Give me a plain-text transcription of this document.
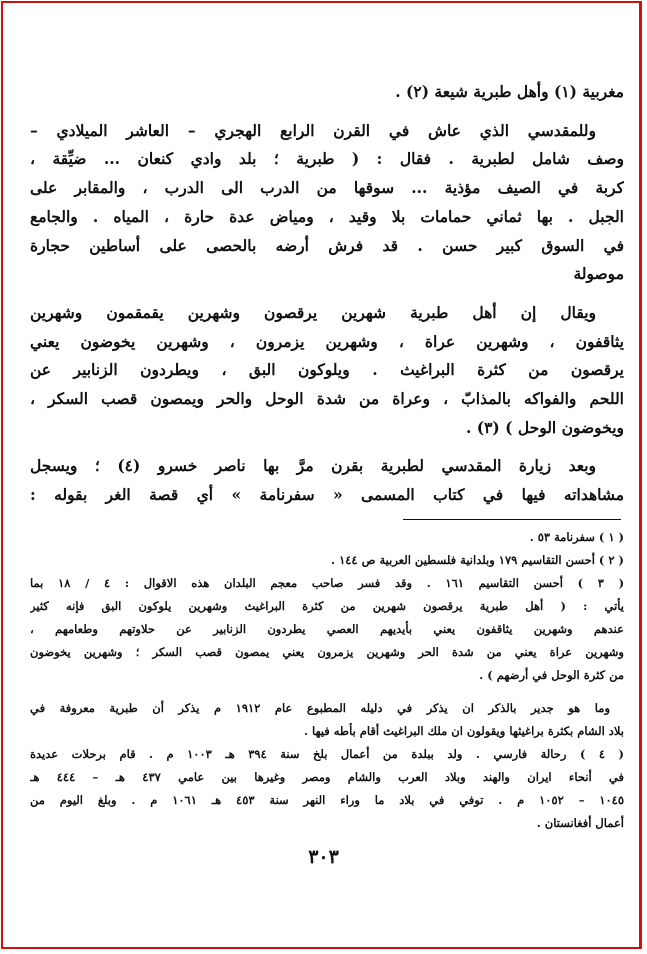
مغربية (١) وأهل طبرية شيعة (٢) .

وللمقدسي الذي عاش في القرن الرابع الهجري – العاشر الميلادي –
وصف شامل لطبرية . فقال : ( طبرية ؛ بلد وادي كنعان ... ضيِّقة ،
كربة في الصيف مؤذية ... سوقها من الدرب الى الدرب ، والمقابر على
الجبل . بها ثماني حمامات بلا وقيد ، ومياض عدة حارة ، المياه . والجامع
في السوق كبير حسن . قد فرش أرضه بالحصى على أساطين حجارة
موصولة

ويقال إن أهل طبرية شهرين يرقصون وشهرين يقمقمون وشهرين
يثاقفون ، وشهرين عراة ، وشهرين يزمرون ، وشهرين يخوضون يعني
يرقصون من كثرة البراغيث . ويلوكون البق ، ويطردون الزنابير عن
اللحم والفواكه بالمذابّ ، وعراة من شدة الوحل والحر ويمصون قصب السكر ،
ويخوضون الوحل ) (٣) .

وبعد زيارة المقدسي لطبرية بقرن مرَّ بها ناصر خسرو (٤) ؛ ويسجل
مشاهداته فيها في كتاب المسمى « سفرنامة » أي قصة الغر بقوله :

( ١ ) سفرنامة ٥٣ .
( ٢ ) أحسن التقاسيم ١٧٩ وبلدانية فلسطين العربية ص ١٤٤ .
( ٣ ) أحسن التقاسيم ١٦١ . وقد فسر صاحب معجم البلدان هذه الاقوال : ٤ / ١٨ بما
يأتي : ( أهل طبرية يرقصون شهرين من كثرة البراغيث وشهرين يلوكون البق فإنه كثير
عندهم وشهرين يثاقفون يعني بأيديهم العصي يطردون الزنابير عن حلاوتهم وطعامهم ،
وشهرين عراة يعني من شدة الحر وشهرين يزمرون يعني يمصون قصب السكر ؛ وشهرين يخوضون
من كثرة الوحل في أرضهم ) .
وما هو جدير بالذكر ان يذكر في دليله المطبوع عام ١٩١٢ م يذكر أن طبرية معروفة في
بلاد الشام بكثرة براغيثها ويقولون ان ملك البراغيث أقام بأطه فيها .
( ٤ ) رحالة فارسي . ولد ببلدة من أعمال بلخ سنة ٣٩٤ هـ ١٠٠٣ م . قام برحلات عديدة
في أنحاء ايران والهند وبلاد العرب والشام ومصر وغيرها بين عامي ٤٣٧ هـ – ٤٤٤ هـ
١٠٤٥ – ١٠٥٢ م . توفي في بلاد ما وراء النهر سنة ٤٥٣ هـ ١٠٦١ م . وبلغ اليوم من
أعمال أفغانستان .
٣٠٣
